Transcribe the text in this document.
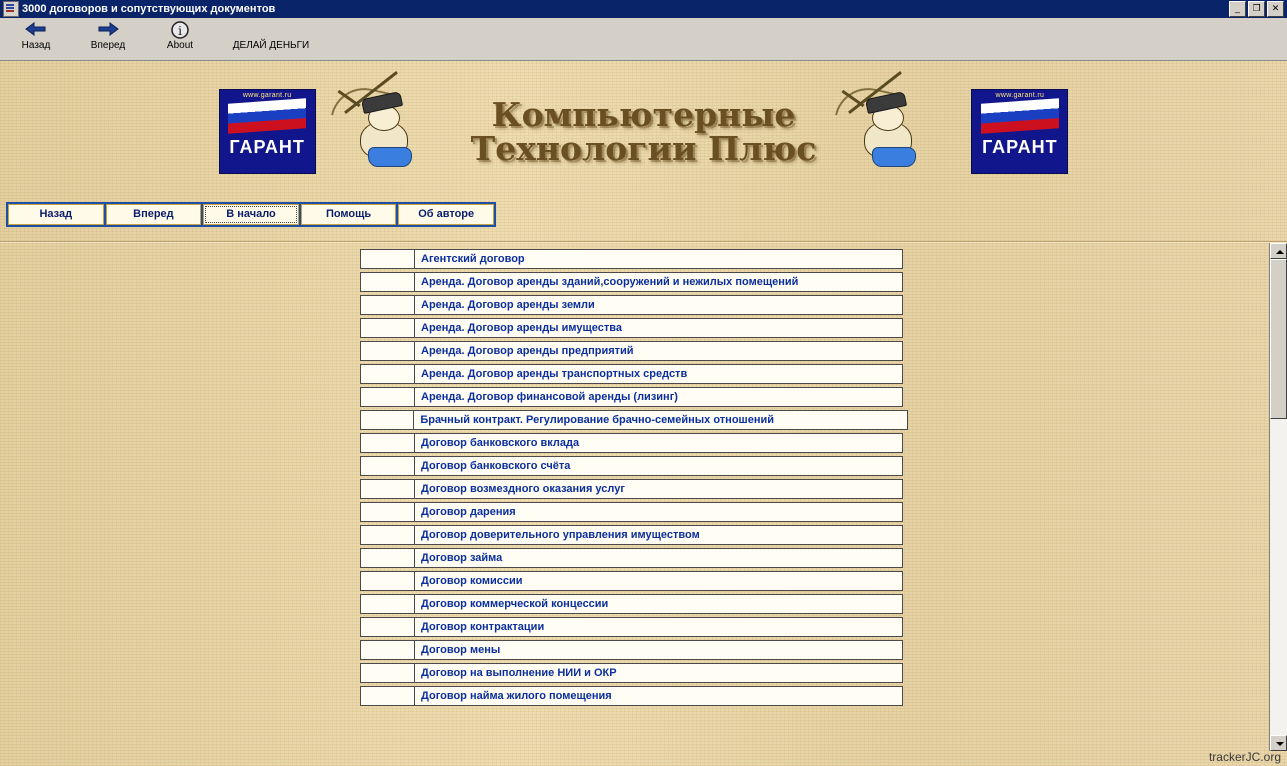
3000 договоров и сопутствующих документов	_	❐	✕
Назад	Вперед
i
About	ДЕЛАЙ ДЕНЬГИ
www.garant.ru
ГАРАНТ
Компьютерные
Технологии Плюс
www.garant.ru
ГАРАНТ
Назад	Вперед	В начало	Помощь	Об авторе
Агентский договор
Аренда. Договор аренды зданий,сооружений и нежилых помещений
Аренда. Договор аренды земли
Аренда. Договор аренды имущества
Аренда. Договор аренды предприятий
Аренда. Договор аренды транспортных средств
Аренда. Договор финансовой аренды (лизинг)
Брачный контракт. Регулирование брачно-семейных отношений
Договор банковского вклада
Договор банковского счёта
Договор возмездного оказания услуг
Договор дарения
Договор доверительного управления имуществом
Договор займа
Договор комиссии
Договор коммерческой концессии
Договор контрактации
Договор мены
Договор на выполнение НИИ и ОКР
Договор найма жилого помещения
trackerJC.org
